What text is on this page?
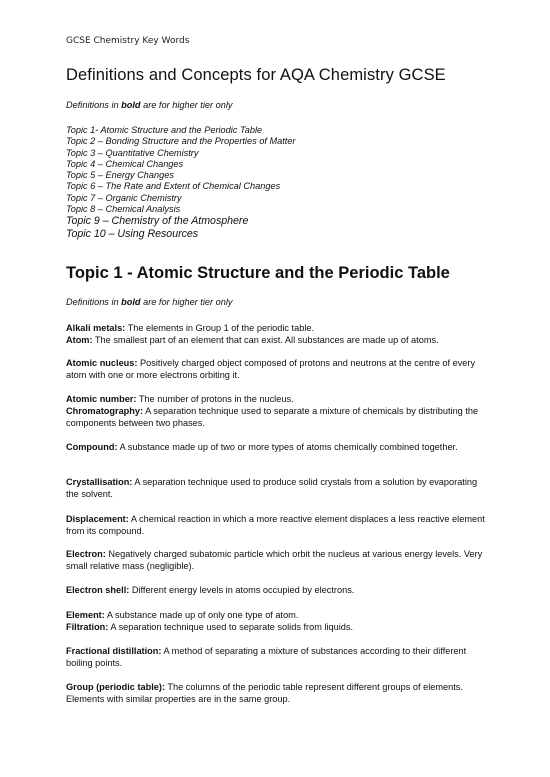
GCSE Chemistry Key Words
Definitions and Concepts for AQA Chemistry GCSE

Definitions in bold are for higher tier only

Topic 1- Atomic Structure and the Periodic Table
Topic 2 – Bonding Structure and the Properties of Matter
Topic 3 – Quantitative Chemistry
Topic 4 – Chemical Changes
Topic 5 – Energy Changes
Topic 6 – The Rate and Extent of Chemical Changes
Topic 7 – Organic Chemistry
Topic 8 – Chemical Analysis
Topic 9 – Chemistry of the Atmosphere
Topic 10 – Using Resources
Topic 1 - Atomic Structure and the Periodic Table

Definitions in bold are for higher tier only

Alkali metals: The elements in Group 1 of the periodic table.

Atom: The smallest part of an element that can exist. All substances are made up of atoms.

Atomic nucleus: Positively charged object composed of protons and neutrons at the centre of every atom with one or more electrons orbiting it.

Atomic number: The number of protons in the nucleus.

Chromatography: A separation technique used to separate a mixture of chemicals by distributing the components between two phases.

Compound: A substance made up of two or more types of atoms chemically combined together.

Crystallisation: A separation technique used to produce solid crystals from a solution by evaporating the solvent.

Displacement: A chemical reaction in which a more reactive element displaces a less reactive element from its compound.

Electron: Negatively charged subatomic particle which orbit the nucleus at various energy levels. Very small relative mass (negligible).

Electron shell: Different energy levels in atoms occupied by electrons.

Element: A substance made up of only one type of atom.

Filtration: A separation technique used to separate solids from liquids.

Fractional distillation: A method of separating a mixture of substances according to their different boiling points.

Group (periodic table): The columns of the periodic table represent different groups of elements. Elements with similar properties are in the same group.
